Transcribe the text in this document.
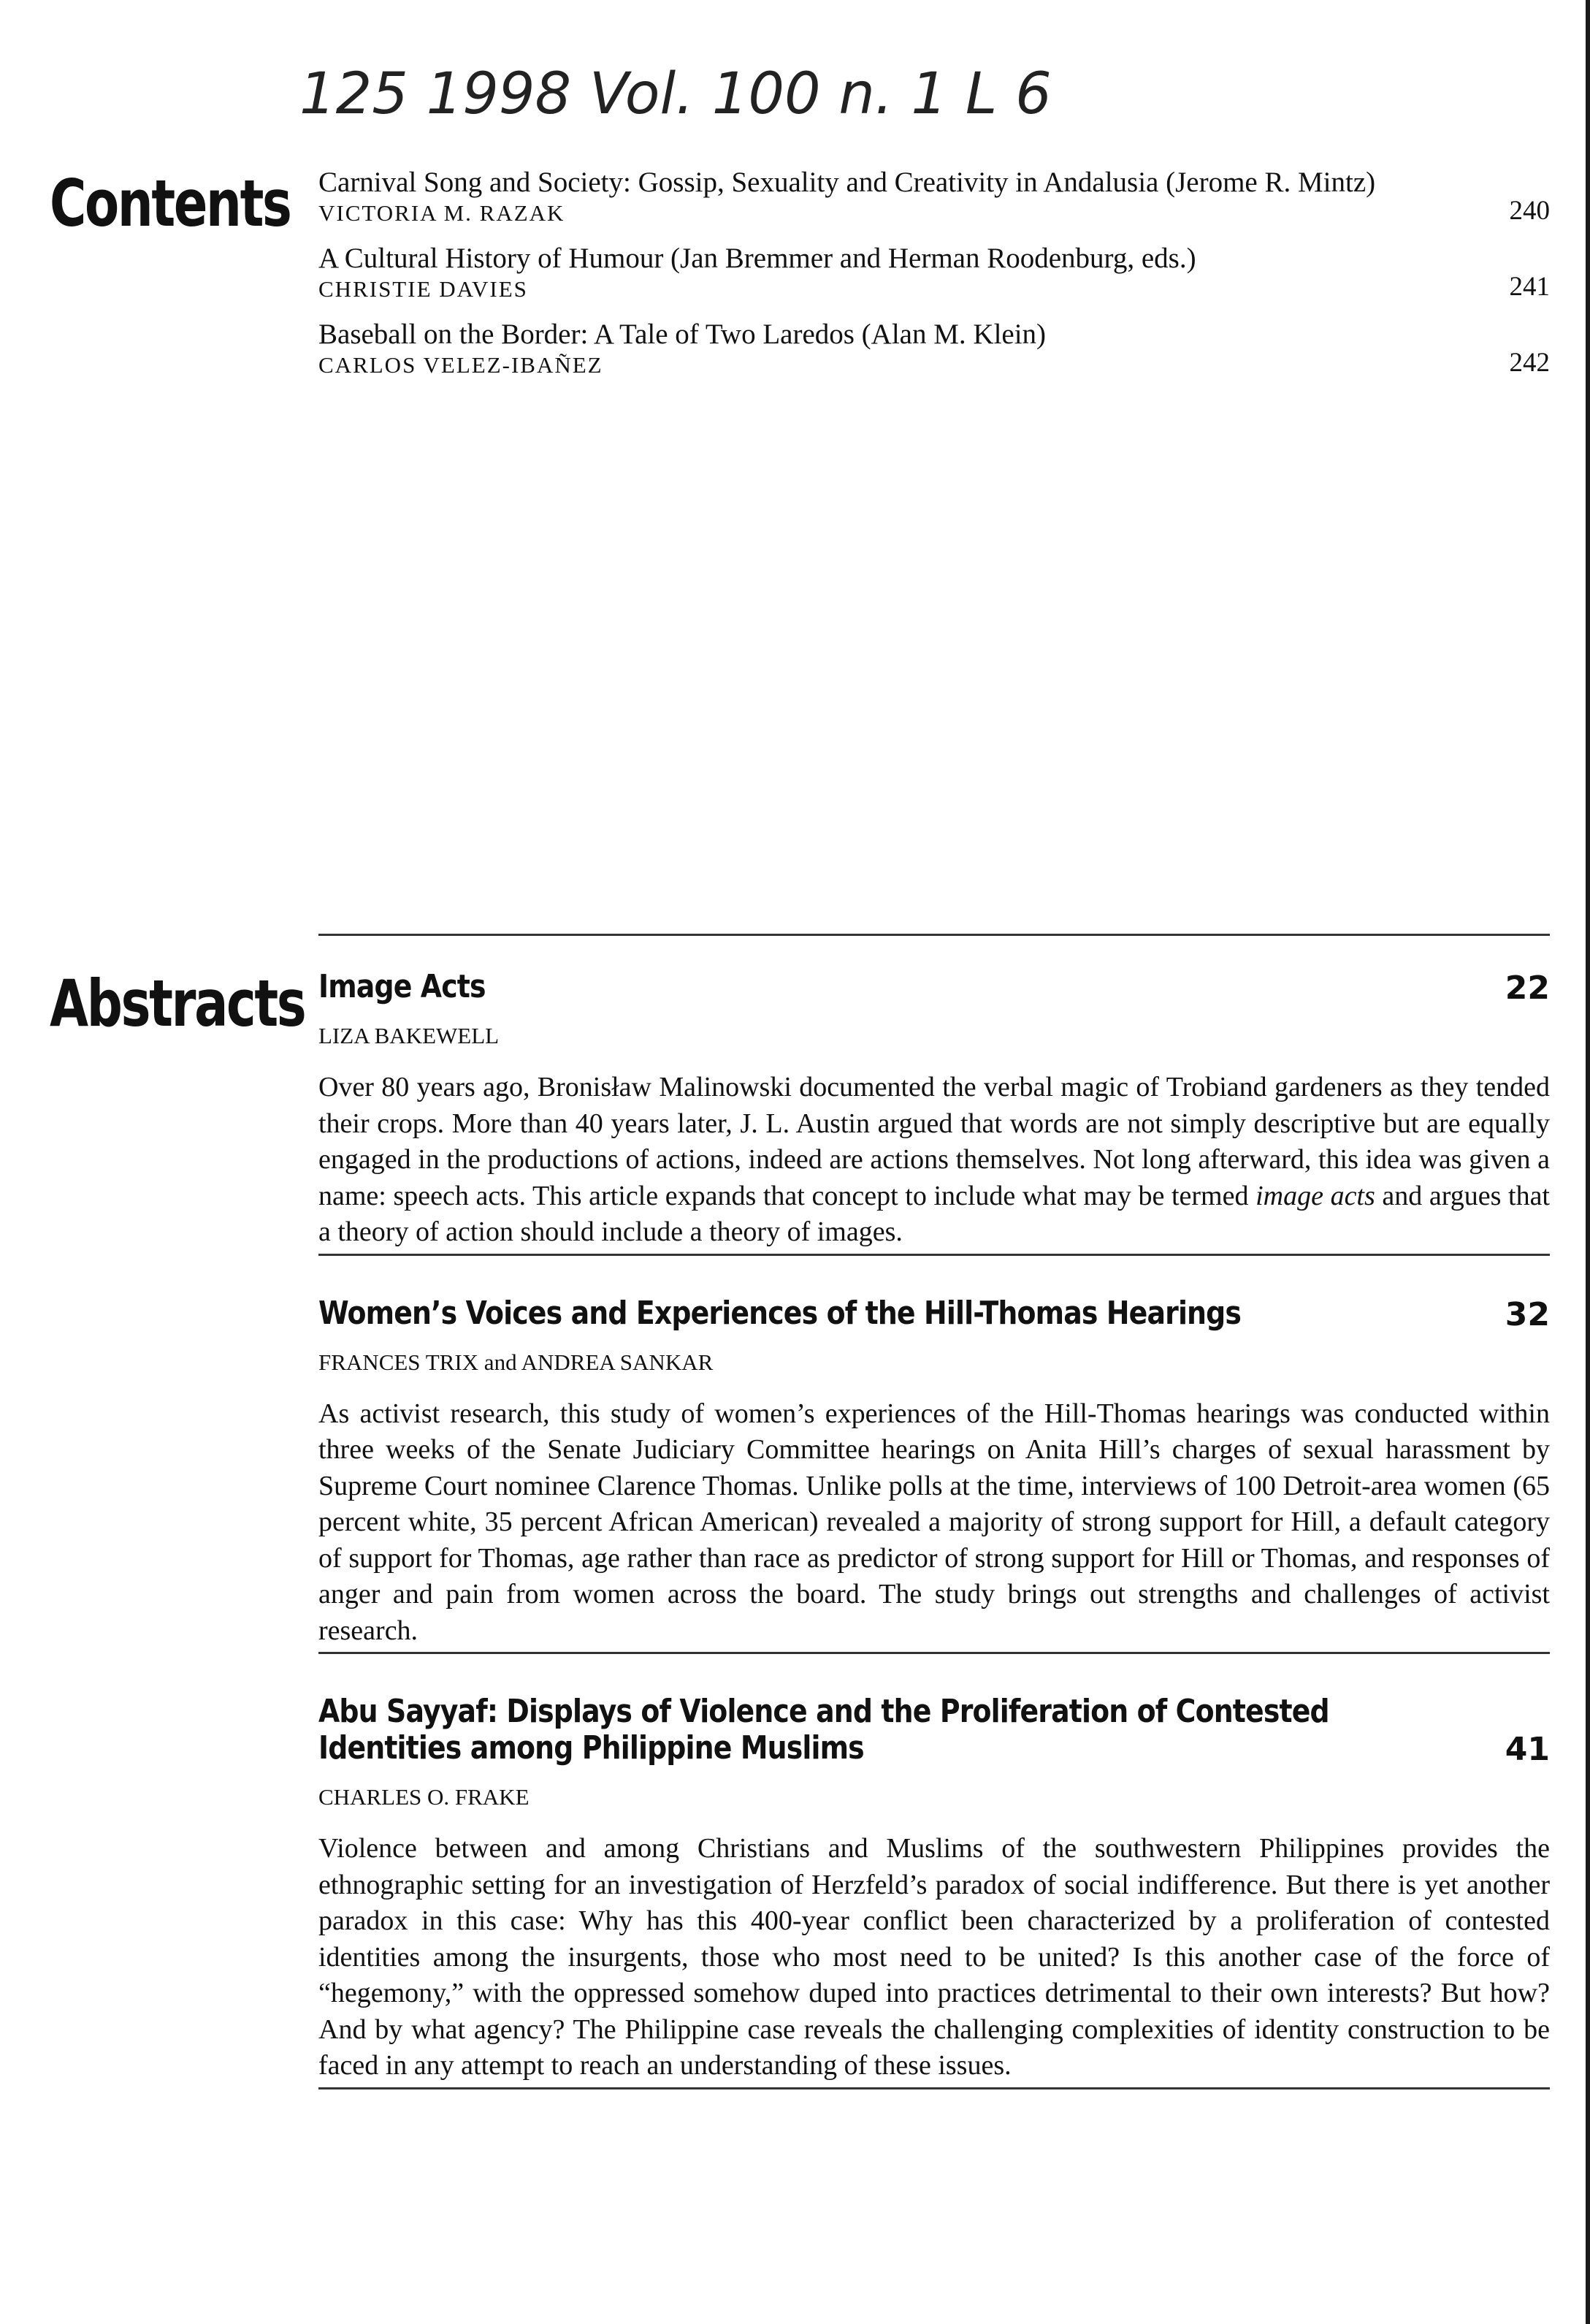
125 1998 Vol. 100 n. 1 L 6
Contents Carnival Song and Society: Gossip, Sexuality and Creativity in Andalusia (Jerome R. Mintz)
VICTORIA M. RAZAK	240
A Cultural History of Humour (Jan Bremmer and Herman Roodenburg, eds.)
CHRISTIE DAVIES	241
Baseball on the Border: A Tale of Two Laredos (Alan M. Klein)
CARLOS VELEZ-IBAÑEZ	242
Abstracts Image Acts	22
LIZA BAKEWELL
Over 80 years ago, Bronisław Malinowski documented the verbal magic of Trobiand gardeners as they tended their crops. More than 40 years later, J. L. Austin argued that words are not simply descriptive but are equally engaged in the productions of actions, indeed are actions themselves. Not long afterward, this idea was given a name: speech acts. This article expands that concept to include what may be termed image acts and argues that a theory of action should include a theory of images.
Women’s Voices and Experiences of the Hill-Thomas Hearings	32
FRANCES TRIX and ANDREA SANKAR
As activist research, this study of women’s experiences of the Hill-Thomas hearings was conducted within three weeks of the Senate Judiciary Committee hearings on Anita Hill’s charges of sexual harassment by Supreme Court nominee Clarence Thomas. Unlike polls at the time, interviews of 100 Detroit-area women (65 percent white, 35 percent African American) revealed a majority of strong support for Hill, a default category of support for Thomas, age rather than race as predictor of strong support for Hill or Thomas, and responses of anger and pain from women across the board. The study brings out strengths and challenges of activist research.
Abu Sayyaf: Displays of Violence and the Proliferation of Contested Identities among Philippine Muslims	41
CHARLES O. FRAKE
Violence between and among Christians and Muslims of the southwestern Philippines provides the ethnographic setting for an investigation of Herzfeld’s paradox of social indifference. But there is yet another paradox in this case: Why has this 400-year conflict been characterized by a proliferation of contested identities among the insurgents, those who most need to be united? Is this another case of the force of “hegemony,” with the oppressed somehow duped into practices detrimental to their own interests? But how? And by what agency? The Philippine case reveals the challenging complexities of identity construction to be faced in any attempt to reach an understanding of these issues.
